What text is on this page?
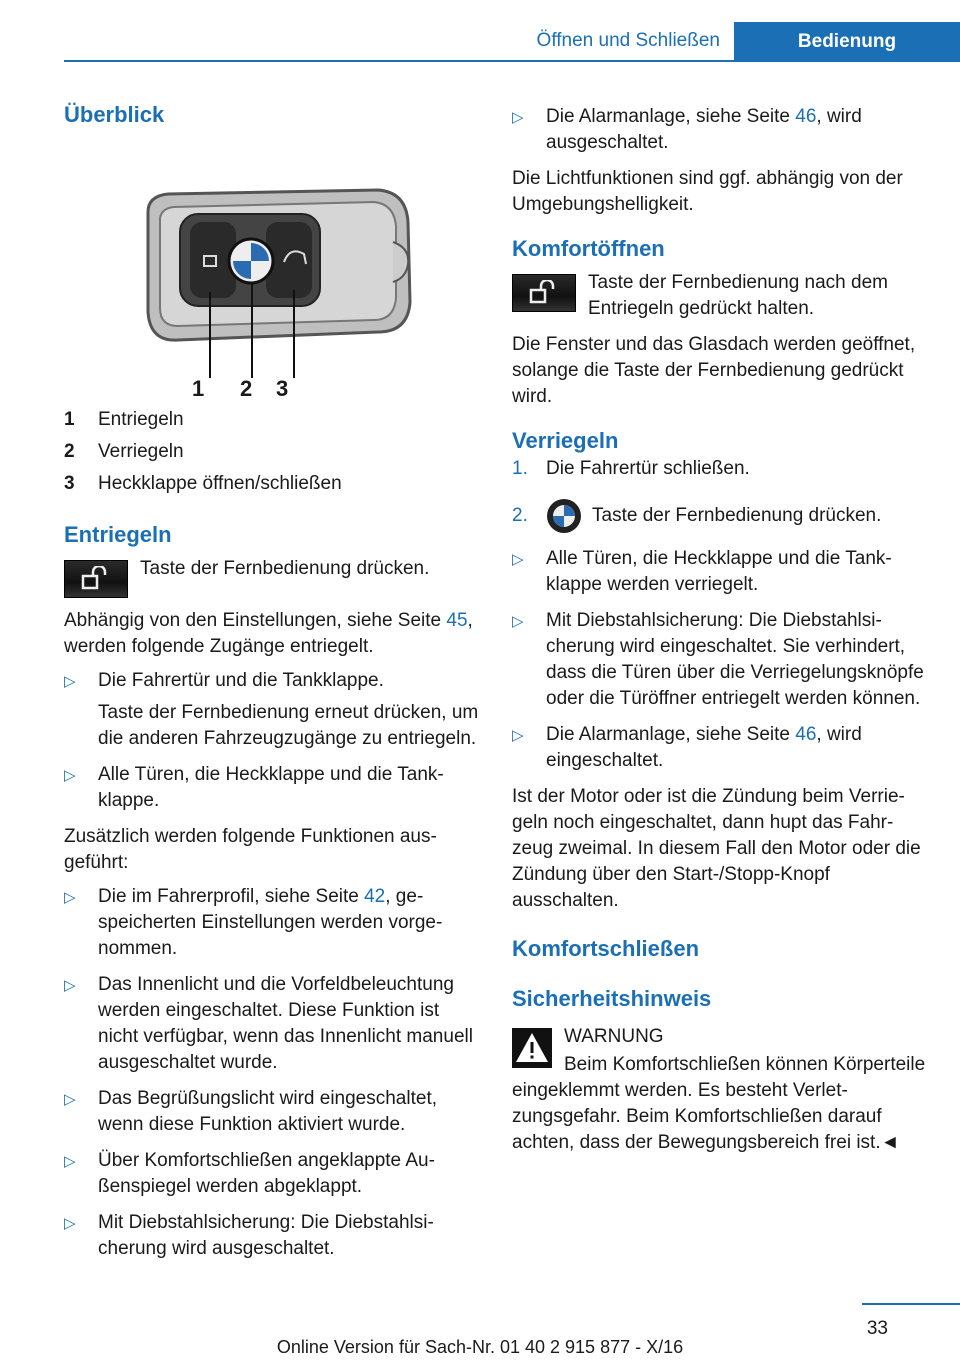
Öffnen und Schließen	Bedienung
Überblick
1 2 3
1	Entriegeln
2	Verriegeln
3	Heckklappe öffnen/schließen
Entriegeln
Taste der Fernbedienung drücken.

Abhängig von den Einstellungen, siehe Seite 45, werden folgende Zugänge entriegelt.

▷	Die Fahrertür und die Tankklappe.
Taste der Fernbedienung erneut drücken, um die anderen Fahrzeugzugänge zu entriegeln.
▷	Alle Türen, die Heckklappe und die Tankklappe.

Zusätzlich werden folgende Funktionen ausgeführt:

▷	Die im Fahrerprofil, siehe Seite 42, gespeicherten Einstellungen werden vorgenommen.
▷	Das Innenlicht und die Vorfeldbeleuchtung werden eingeschaltet. Diese Funktion ist nicht verfügbar, wenn das Innenlicht manuell ausgeschaltet wurde.
▷	Das Begrüßungslicht wird eingeschaltet, wenn diese Funktion aktiviert wurde.
▷	Über Komfortschließen angeklappte Außenspiegel werden abgeklappt.
▷	Mit Diebstahlsicherung: Die Diebstahlsicherung wird ausgeschaltet.
▷	Die Alarmanlage, siehe Seite 46, wird ausgeschaltet.

Die Lichtfunktionen sind ggf. abhängig von der Umgebungshelligkeit.

Komfortöffnen
Taste der Fernbedienung nach dem Entriegeln gedrückt halten.

Die Fenster und das Glasdach werden geöffnet, solange die Taste der Fernbedienung gedrückt wird.

Verriegeln
1. Die Fahrertür schließen.
2.	Taste der Fernbedienung drücken.
▷	Alle Türen, die Heckklappe und die Tankklappe werden verriegelt.
▷	Mit Diebstahlsicherung: Die Diebstahlsicherung wird eingeschaltet. Sie verhindert, dass die Türen über die Verriegelungsknöpfe oder die Türöffner entriegelt werden können.
▷	Die Alarmanlage, siehe Seite 46, wird eingeschaltet.

Ist der Motor oder ist die Zündung beim Verriegeln noch eingeschaltet, dann hupt das Fahrzeug zweimal. In diesem Fall den Motor oder die Zündung über den Start-/Stopp-Knopf ausschalten.

Komfortschließen
Sicherheitshinweis
WARNUNG

Beim Komfortschließen können Körperteile eingeklemmt werden. Es besteht Verletzungsgefahr. Beim Komfortschließen darauf achten, dass der Bewegungsbereich frei ist.◄

33
Online Version für Sach-Nr. 01 40 2 915 877 - X/16
